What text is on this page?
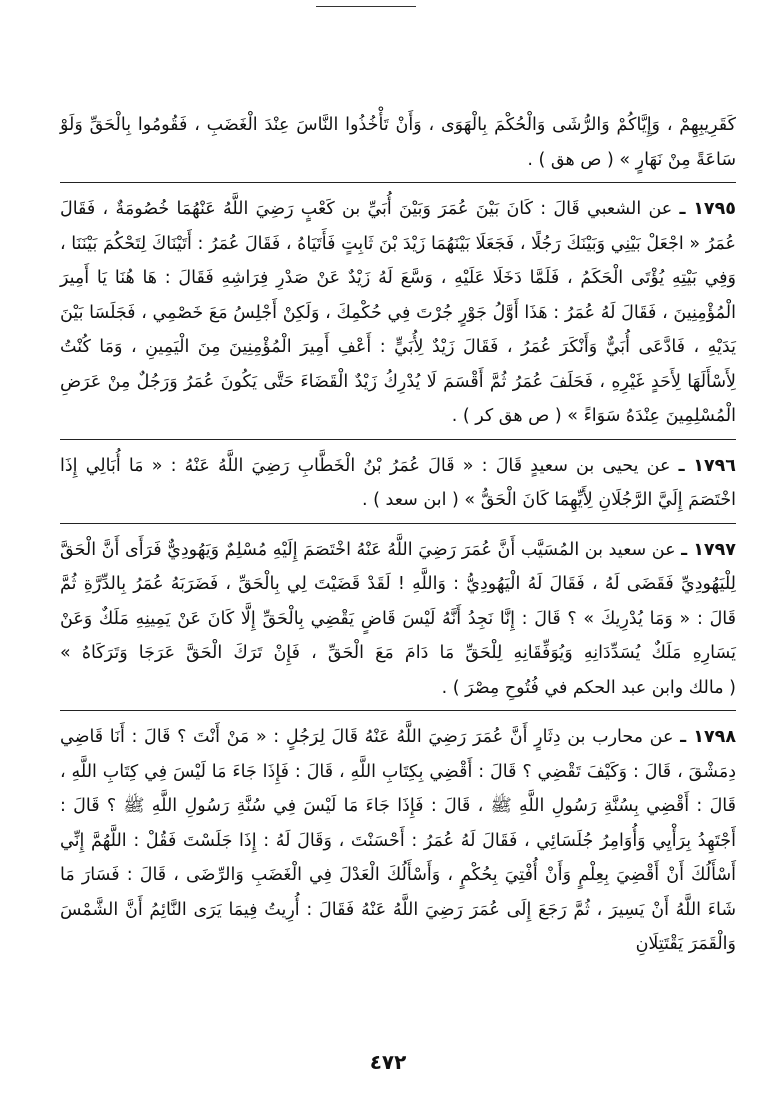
كَقَرِيبِهِمْ ، وَإِيَّاكُمْ وَالرُّشَى وَالْحُكْمَ بِالْهَوَى ، وَأَنْ تَأْخُذُوا النَّاسَ عِنْدَ الْغَضَبِ ، فَقُومُوا بِالْحَقِّ وَلَوْ سَاعَةً مِنْ نَهَارٍ » ( ص هق ) .

١٧٩٥ ـ عن الشعبي قَالَ : كَانَ بَيْنَ عُمَرَ وَبَيْنَ أُبَيِّ بن كَعْبٍ رَضِيَ اللَّهُ عَنْهُمَا خُصُومَةٌ ، فَقَالَ عُمَرُ « اجْعَلْ بَيْنِي وَبَيْنَكَ رَجُلًا ، فَجَعَلَا بَيْنَهُمَا زَيْدَ بْنَ ثَابِتٍ فَأَتَيَاهُ ، فَقَالَ عُمَرُ : أَتَيْنَاكَ لِتَحْكُمَ بَيْنَنَا ، وَفِي بَيْتِهِ يُؤْتَى الْحَكَمُ ، فَلَمَّا دَخَلَا عَلَيْهِ ، وَسَّعَ لَهُ زَيْدٌ عَنْ صَدْرِ فِرَاشِهِ فَقَالَ : هَا هُنَا يَا أَمِيرَ الْمُؤْمِنِينَ ، فَقَالَ لَهُ عُمَرُ : هَذَا أَوَّلُ جَوْرٍ جُرْتَ فِي حُكْمِكَ ، وَلَكِنْ أَجْلِسُ مَعَ خَصْمِي ، فَجَلَسَا بَيْنَ يَدَيْهِ ، فَادَّعَى أُبَيٌّ وَأَنْكَرَ عُمَرُ ، فَقَالَ زَيْدٌ لِأُبَيٍّ : أَعْفِ أَمِيرَ الْمُؤْمِنِينَ مِنَ الْيَمِينِ ، وَمَا كُنْتُ لِأَسْأَلَهَا لِأَحَدٍ غَيْرِهِ ، فَحَلَفَ عُمَرُ ثُمَّ أَقْسَمَ لَا يُدْرِكُ زَيْدٌ الْقَضَاءَ حَتَّى يَكُونَ عُمَرُ وَرَجُلٌ مِنْ عَرَضِ الْمُسْلِمِينَ عِنْدَهُ سَوَاءً » ( ص هق كر ) .

١٧٩٦ ـ عن يحيى بن سعيدٍ قَالَ : « قَالَ عُمَرُ بْنُ الْخَطَّابِ رَضِيَ اللَّهُ عَنْهُ : « مَا أُبَالِي إِذَا اخْتَصَمَ إِلَيَّ الرَّجُلَانِ لِأَيِّهِمَا كَانَ الْحَقُّ » ( ابن سعد ) .

١٧٩٧ ـ عن سعيد بن المُسَيَّب أَنَّ عُمَرَ رَضِيَ اللَّهُ عَنْهُ اخْتَصَمَ إِلَيْهِ مُسْلِمٌ وَيَهُودِيٌّ فَرَأَى أَنَّ الْحَقَّ لِلْيَهُودِيِّ فَقَضَى لَهُ ، فَقَالَ لَهُ الْيَهُودِيُّ : وَاللَّهِ ! لَقَدْ قَضَيْتَ لِي بِالْحَقِّ ، فَضَرَبَهُ عُمَرُ بِالدِّرَّةِ ثُمَّ قَالَ : « وَمَا يُدْرِيكَ » ؟ قَالَ : إِنَّا نَجِدُ أَنَّهُ لَيْسَ قَاضٍ يَقْضِي بِالْحَقِّ إِلَّا كَانَ عَنْ يَمِينِهِ مَلَكٌ وَعَنْ يَسَارِهِ مَلَكٌ يُسَدِّدَانِهِ وَيُوَفِّقَانِهِ لِلْحَقِّ مَا دَامَ مَعَ الْحَقِّ ، فَإِنْ تَرَكَ الْحَقَّ عَرَجَا وَتَرَكَاهُ » ( مالك وابن عبد الحكم في فُتُوحِ مِصْرَ ) .

١٧٩٨ ـ عن محارب بن دِثَارٍ أَنَّ عُمَرَ رَضِيَ اللَّهُ عَنْهُ قَالَ لِرَجُلٍ : « مَنْ أَنْتَ ؟ قَالَ : أَنَا قَاضِي دِمَشْقَ ، قَالَ : وَكَيْفَ تَقْضِي ؟ قَالَ : أَقْضِي بِكِتَابِ اللَّهِ ، قَالَ : فَإِذَا جَاءَ مَا لَيْسَ فِي كِتَابِ اللَّهِ ، قَالَ : أَقْضِي بِسُنَّةِ رَسُولِ اللَّهِ ﷺ ، قَالَ : فَإِذَا جَاءَ مَا لَيْسَ فِي سُنَّةِ رَسُولِ اللَّهِ ﷺ ؟ قَالَ : أَجْتَهِدُ بِرَأْيِي وَأُوَامِرُ جُلَسَائِي ، فَقَالَ لَهُ عُمَرُ : أَحْسَنْتَ ، وَقَالَ لَهُ : إِذَا جَلَسْتَ فَقُلْ : اللَّهُمَّ إِنِّي أَسْأَلُكَ أَنْ أَقْضِيَ بِعِلْمٍ وَأَنْ أُفْتِيَ بِحُكْمٍ ، وَأَسْأَلُكَ الْعَدْلَ فِي الْغَضَبِ وَالرِّضَى ، قَالَ : فَسَارَ مَا شَاءَ اللَّهُ أَنْ يَسِيرَ ، ثُمَّ رَجَعَ إِلَى عُمَرَ رَضِيَ اللَّهُ عَنْهُ فَقَالَ : أُرِيتُ فِيمَا يَرَى النَّائِمُ أَنَّ الشَّمْسَ وَالْقَمَرَ يَقْتَتِلَانِ

٤٧٢
